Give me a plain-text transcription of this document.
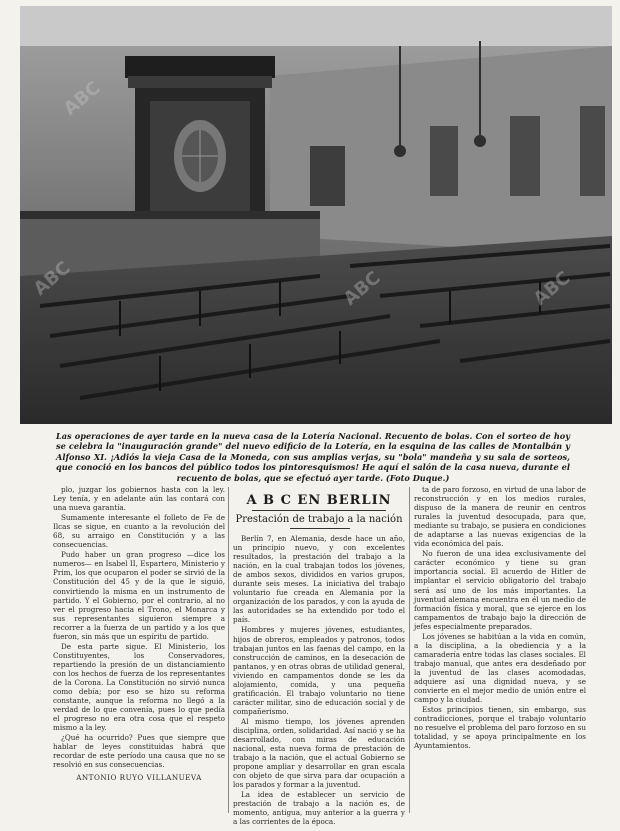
ABC
ABC	ABC	ABC

Las operaciones de ayer tarde en la nueva casa de la Lotería Nacional. Recuento de bolas. Con el sorteo de hoy se celebra la "inauguración grande" del nuevo edificio de la Lotería, en la esquina de las calles de Montalbán y Alfonso XI. ¡Adiós la vieja Casa de la Moneda, con sus amplias verjas, su "bola" mandeña y su sala de sorteos, que conoció en los bancos del público todos los pintoresquismos! He aquí el salón de la casa nueva, durante el recuento de bolas, que se efectuó ayer tarde. (Foto Duque.)

plo, juzgar los gobiernos hasta con la ley. Ley tenía, y en adelante aún las contará con una nueva garantía.

Sumamente interesante el folleto de Fe de Ilcas se sigue, en cuanto a la revolución del 68, su arraigo en Constitución y a las consecuencias.

Pudo haber un gran progreso —dice los numeros— en Isabel II, Espartero, Ministerio y Prim, los que ocuparon el poder se sirvió de la Constitución del 45 y de la que le siguió, convirtiendo la misma en un instrumento de partido. Y el Gobierno, por el contrario, al no ver el progreso hacia el Trono, el Monarca y sus representantes siguieron siempre a recorrer a la fuerza de un partido y a los que fueron, sin más que un espíritu de partido.

De esta parte sigue. El Ministerio, los Constituyentes, los Conservadores, repartiendo la presión de un distanciamiento con los hechos de fuerza de los representantes de la Corona. La Constitución no sirvió nunca como debía; por eso se hizo su reforma constante, aunque la reforma no llegó a la verdad de lo que convenía, pues lo que pedía el progreso no era otra cosa que el respeto mismo a la ley.

¿Qué ha ocurrido? Pues que siempre que hablar de leyes constituidas habrá que recordar de este período una causa que no se resolvió en sus consecuencias.

ANTONIO RUYO VILLANUEVA

A B C EN BERLIN

Prestación de trabajo a la nación

Berlín 7, en Alemania, desde hace un año, un principio nuevo, y con excelentes resultados, la prestación del trabajo a la nación, en la cual trabajan todos los jóvenes, de ambos sexos, divididos en varios grupos, durante seis meses. La iniciativa del trabajo voluntario fue creada en Alemania por la organización de los parados, y con la ayuda de las autoridades se ha extendido por todo el país.

Hombres y mujeres jóvenes, estudiantes, hijos de obreros, empleados y patronos, todos trabajan juntos en las faenas del campo, en la construcción de caminos, en la desecación de pantanos, y en otras obras de utilidad general, viviendo en campamentos donde se les da alojamiento, comida, y una pequeña gratificación. El trabajo voluntario no tiene carácter militar, sino de educación social y de compañerismo.

Al mismo tiempo, los jóvenes aprenden disciplina, orden, solidaridad. Así nació y se ha desarrollado, con miras de educación nacional, esta nueva forma de prestación de trabajo a la nación, que el actual Gobierno se propone ampliar y desarrollar en gran escala con objeto de que sirva para dar ocupación a los parados y formar a la juventud.

La idea de establecer un servicio de prestación de trabajo a la nación es, de momento, antigua, muy anterior a la guerra y a las corrientes de la época.

ta de paro forzoso, en virtud de una labor de reconstrucción y en los medios rurales, dispuso de la manera de reunir en centros rurales la juventud desocupada, para que, mediante su trabajo, se pusiera en condiciones de adaptarse a las nuevas exigencias de la vida económica del país.

No fueron de una idea exclusivamente del carácter económico y tiene su gran importancia social. El acuerdo de Hitler de implantar el servicio obligatorio del trabajo será así uno de los más importantes. La juventud alemana encuentra en él un medio de formación física y moral, que se ejerce en los campamentos de trabajo bajo la dirección de jefes especialmente preparados.

Los jóvenes se habitúan a la vida en común, a la disciplina, a la obediencia y a la camaradería entre todas las clases sociales. El trabajo manual, que antes era desdeñado por la juventud de las clases acomodadas, adquiere así una dignidad nueva, y se convierte en el mejor medio de unión entre el campo y la ciudad.

Estos principios tienen, sin embargo, sus contradicciones, porque el trabajo voluntario no resuelve el problema del paro forzoso en su totalidad, y se apoya principalmente en los Ayuntamientos.
